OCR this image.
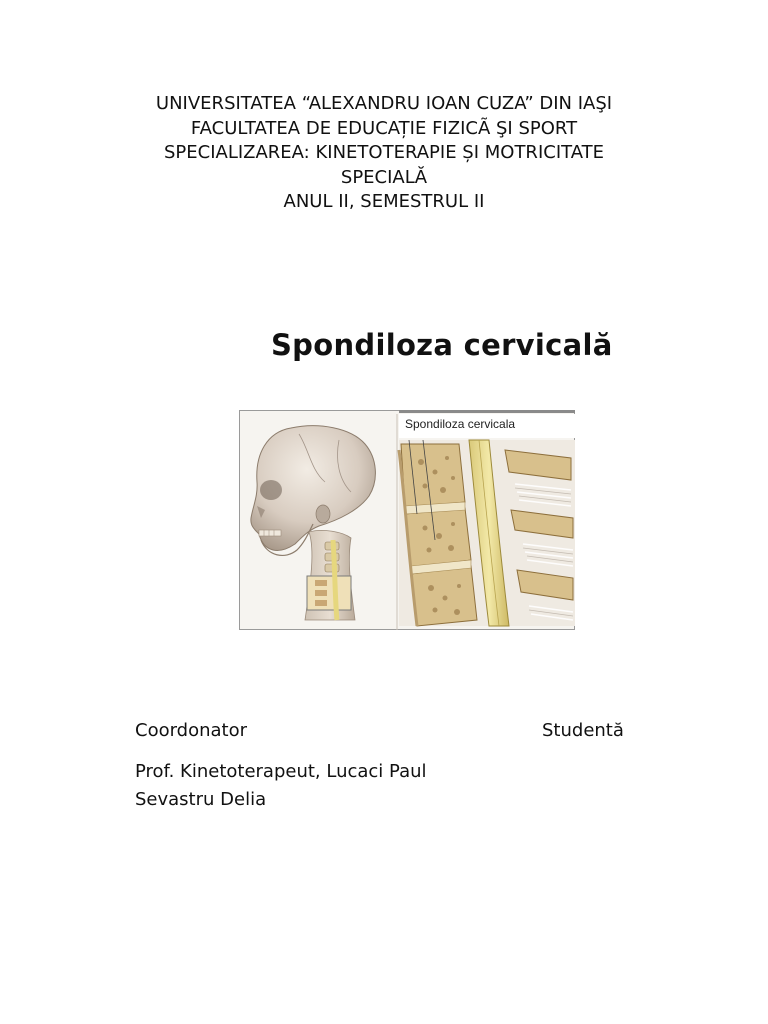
UNIVERSITATEA “ALEXANDRU IOAN CUZA” DIN IAŞI
FACULTATEA DE EDUCAȚIE FIZICÃ ŞI SPORT
SPECIALIZAREA: KINETOTERAPIE ȘI MOTRICITATE
SPECIALĂ
ANUL II, SEMESTRUL II
Spondiloza cervicală
Spondiloza cervicala
Coordonator	Studentă
Prof. Kinetoterapeut, Lucaci Paul
Sevastru Delia
